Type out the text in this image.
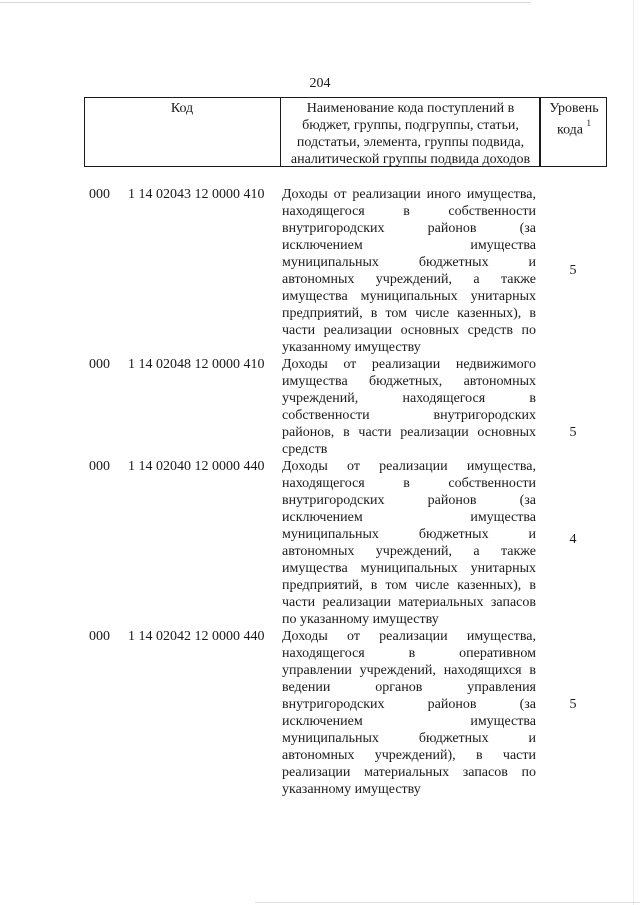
204
Код	Наименование кода поступлений в
бюджет, группы, подгруппы, статьи,
подстатьи, элемента, группы подвида,
аналитической группы подвида доходов
Уровень
кода $^1$
000 1 14 02043 12 0000 410 Доходы от реализации иного имущества,
находящегося в собственности
внутригородских районов (за
исключением имущества
муниципальных бюджетных и
автономных учреждений, а также
имущества муниципальных унитарных
предприятий, в том числе казенных), в
части реализации основных средств по
указанному имуществу
5
000 1 14 02048 12 0000 410 Доходы от реализации недвижимого
имущества бюджетных, автономных
учреждений, находящегося в
собственности внутригородских
районов, в части реализации основных
средств
5
000 1 14 02040 12 0000 440 Доходы от реализации имущества,
находящегося в собственности
внутригородских районов (за
исключением имущества
муниципальных бюджетных и
автономных учреждений, а также
имущества муниципальных унитарных
предприятий, в том числе казенных), в
части реализации материальных запасов
по указанному имуществу
4
000 1 14 02042 12 0000 440 Доходы от реализации имущества,
находящегося в оперативном
управлении учреждений, находящихся в
ведении органов управления
внутригородских районов (за
исключением имущества
муниципальных бюджетных и
автономных учреждений), в части
реализации материальных запасов по
указанному имуществу
5
